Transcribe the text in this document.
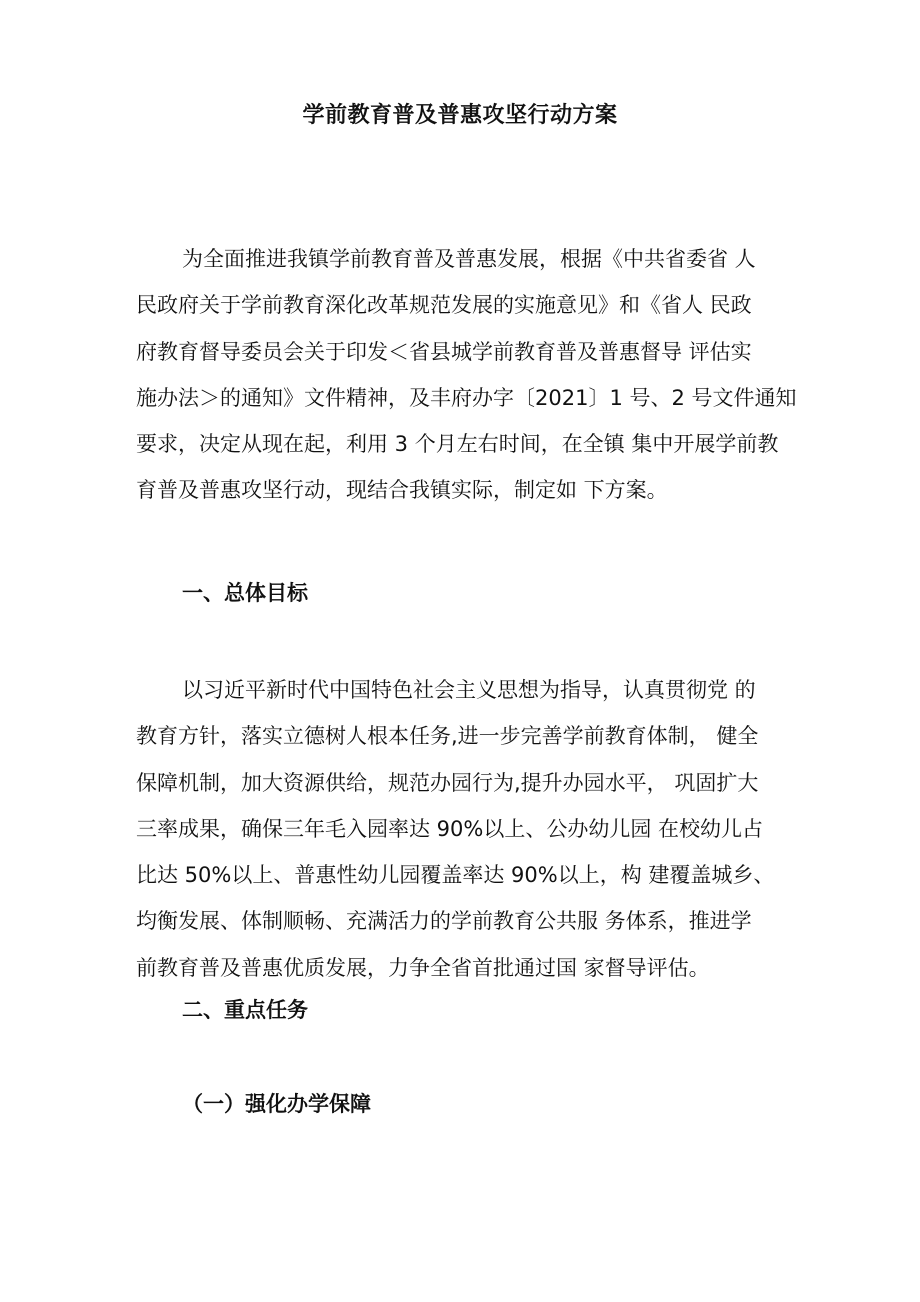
学前教育普及普惠攻坚行动方案
为全面推进我镇学前教育普及普惠发展，根据《中共省委省 人
民政府关于学前教育深化改革规范发展的实施意见》和《省人 民政
府教育督导委员会关于印发＜省县城学前教育普及普惠督导 评估实
施办法＞的通知》文件精神，及丰府办字〔2021〕1 号、2 号文件通知
要求，决定从现在起，利用 3 个月左右时间，在全镇 集中开展学前教
育普及普惠攻坚行动，现结合我镇实际，制定如 下方案。
一、总体目标
以习近平新时代中国特色社会主义思想为指导，认真贯彻党 的
教育方针，落实立德树人根本任务,进一步完善学前教育体制， 健全
保障机制，加大资源供给，规范办园行为,提升办园水平， 巩固扩大
三率成果，确保三年毛入园率达 90%以上、公办幼儿园 在校幼儿占
比达 50%以上、普惠性幼儿园覆盖率达 90%以上，构 建覆盖城乡、
均衡发展、体制顺畅、充满活力的学前教育公共服 务体系，推进学
前教育普及普惠优质发展，力争全省首批通过国 家督导评估。
二、重点任务
（一）强化办学保障
